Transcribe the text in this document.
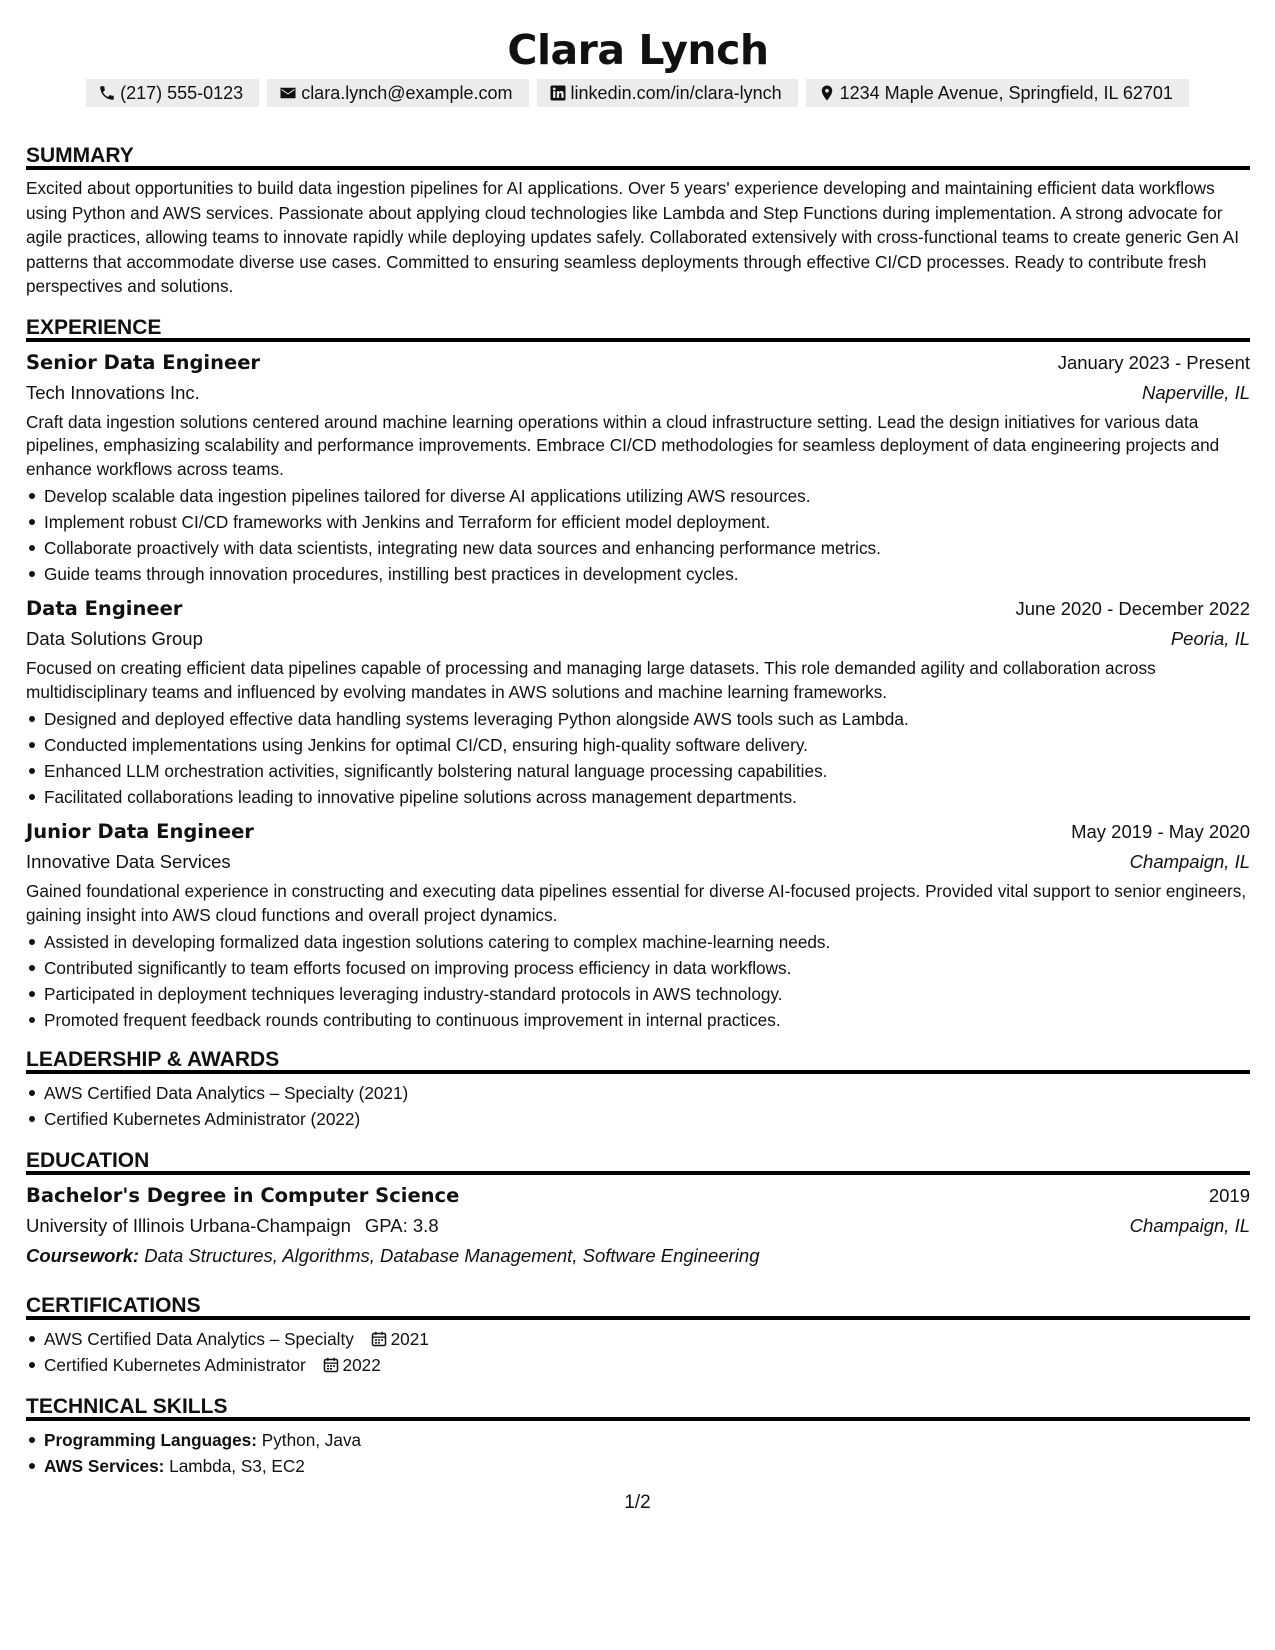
Clara Lynch
(217) 555-0123	clara.lynch@example.com	linkedin.com/in/clara-lynch	1234 Maple Avenue, Springfield, IL 62701
SUMMARY
Excited about opportunities to build data ingestion pipelines for AI applications. Over 5 years' experience developing and maintaining efficient data workflows using Python and AWS services. Passionate about applying cloud technologies like Lambda and Step Functions during implementation. A strong advocate for agile practices, allowing teams to innovate rapidly while deploying updates safely. Collaborated extensively with cross-functional teams to create generic Gen AI patterns that accommodate diverse use cases. Committed to ensuring seamless deployments through effective CI/CD processes. Ready to contribute fresh perspectives and solutions.
EXPERIENCE
Senior Data Engineer	January 2023 - Present
Tech Innovations Inc.	Naperville, IL
Craft data ingestion solutions centered around machine learning operations within a cloud infrastructure setting. Lead the design initiatives for various data pipelines, emphasizing scalability and performance improvements. Embrace CI/CD methodologies for seamless deployment of data engineering projects and enhance workflows across teams.
Develop scalable data ingestion pipelines tailored for diverse AI applications utilizing AWS resources.
Implement robust CI/CD frameworks with Jenkins and Terraform for efficient model deployment.
Collaborate proactively with data scientists, integrating new data sources and enhancing performance metrics.
Guide teams through innovation procedures, instilling best practices in development cycles.
Data Engineer	June 2020 - December 2022
Data Solutions Group	Peoria, IL
Focused on creating efficient data pipelines capable of processing and managing large datasets. This role demanded agility and collaboration across multidisciplinary teams and influenced by evolving mandates in AWS solutions and machine learning frameworks.
Designed and deployed effective data handling systems leveraging Python alongside AWS tools such as Lambda.
Conducted implementations using Jenkins for optimal CI/CD, ensuring high-quality software delivery.
Enhanced LLM orchestration activities, significantly bolstering natural language processing capabilities.
Facilitated collaborations leading to innovative pipeline solutions across management departments.
Junior Data Engineer	May 2019 - May 2020
Innovative Data Services	Champaign, IL
Gained foundational experience in constructing and executing data pipelines essential for diverse AI-focused projects. Provided vital support to senior engineers, gaining insight into AWS cloud functions and overall project dynamics.
Assisted in developing formalized data ingestion solutions catering to complex machine-learning needs.
Contributed significantly to team efforts focused on improving process efficiency in data workflows.
Participated in deployment techniques leveraging industry-standard protocols in AWS technology.
Promoted frequent feedback rounds contributing to continuous improvement in internal practices.
LEADERSHIP & AWARDS
AWS Certified Data Analytics – Specialty (2021)
Certified Kubernetes Administrator (2022)
EDUCATION
Bachelor's Degree in Computer Science	2019
University of Illinois Urbana-Champaign GPA: 3.8	Champaign, IL
Coursework: Data Structures, Algorithms, Database Management, Software Engineering
CERTIFICATIONS
AWS Certified Data Analytics – Specialty 2021
Certified Kubernetes Administrator 2022
TECHNICAL SKILLS
Programming Languages: Python, Java
AWS Services: Lambda, S3, EC2
1/2
